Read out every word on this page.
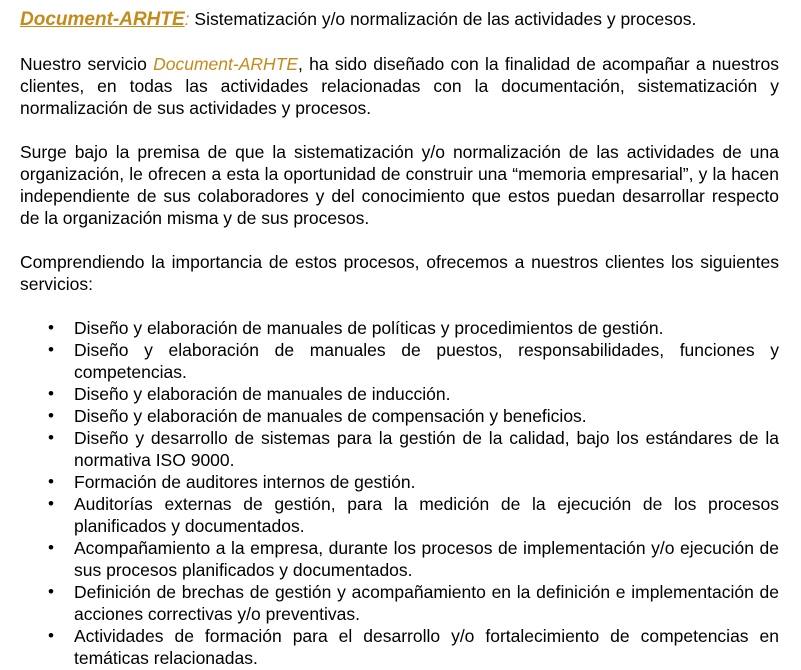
Document-ARHTE: Sistematización y/o normalización de las actividades y procesos.

Nuestro servicio Document-ARHTE, ha sido diseñado con la finalidad de acompañar a nuestros clientes, en todas las actividades relacionadas con la documentación, sistematización y normalización de sus actividades y procesos.

Surge bajo la premisa de que la sistematización y/o normalización de las actividades de una organización, le ofrecen a esta la oportunidad de construir una “memoria empresarial”, y la hacen independiente de sus colaboradores y del conocimiento que estos puedan desarrollar respecto de la organización misma y de sus procesos.

Comprendiendo la importancia de estos procesos, ofrecemos a nuestros clientes los siguientes servicios:

• Diseño y elaboración de manuales de políticas y procedimientos de gestión.
• Diseño y elaboración de manuales de puestos, responsabilidades, funciones y competencias.
• Diseño y elaboración de manuales de inducción.
• Diseño y elaboración de manuales de compensación y beneficios.
• Diseño y desarrollo de sistemas para la gestión de la calidad, bajo los estándares de la normativa ISO 9000.
• Formación de auditores internos de gestión.
• Auditorías externas de gestión, para la medición de la ejecución de los procesos planificados y documentados.
• Acompañamiento a la empresa, durante los procesos de implementación y/o ejecución de sus procesos planificados y documentados.
• Definición de brechas de gestión y acompañamiento en la definición e implementación de acciones correctivas y/o preventivas.
• Actividades de formación para el desarrollo y/o fortalecimiento de competencias en temáticas relacionadas.
